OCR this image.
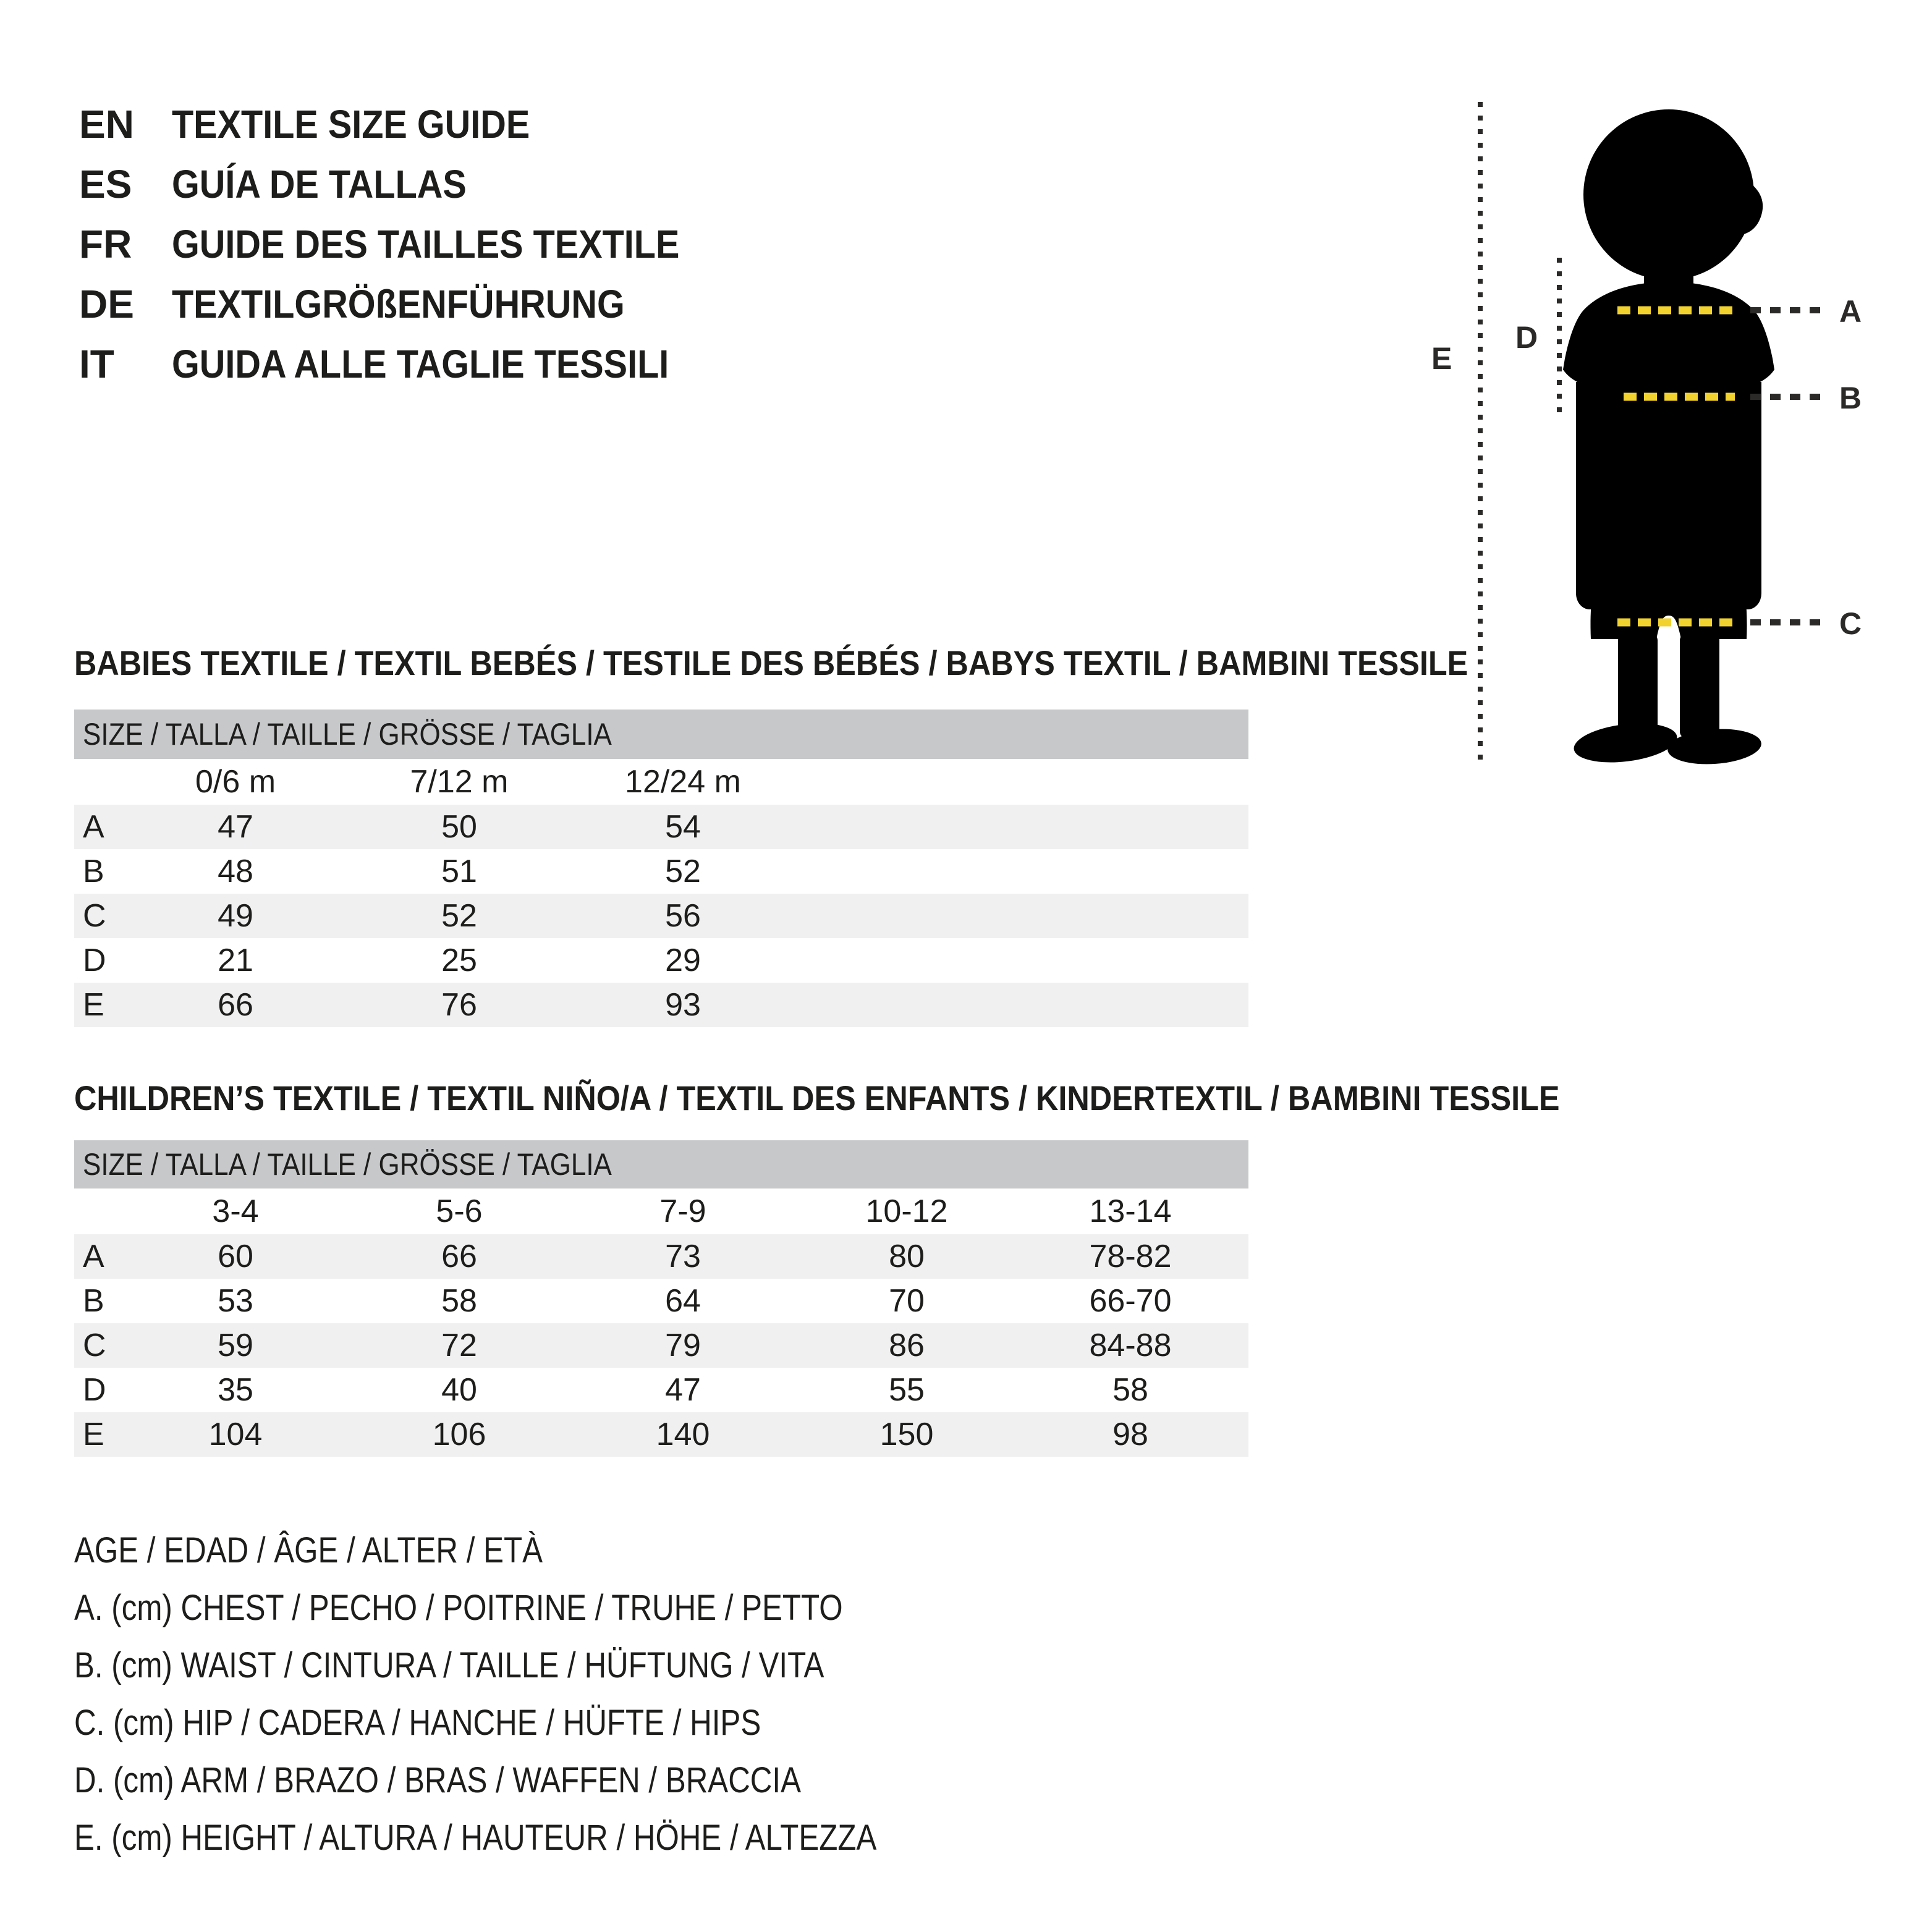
EN TEXTILE SIZE GUIDE
ES	GUÍA DE TALLAS
FR	GUIDE DES TAILLES TEXTILE
DE TEXTILGRÖßENFÜHRUNG
IT	GUIDA ALLE TAGLIE TESSILI	E
D
A
B
C
BABIES TEXTILE / TEXTIL BEBÉS / TESTILE DES BÉBÉS / BABYS TEXTIL / BAMBINI TESSILE
SIZE / TALLA / TAILLE / GRÖSSE / TAGLIA
0/6 m	7/12 m	12/24 m
A	47	50	54
B	48	51	52
C	49	52	56
D	21	25	29
E	66	76	93
CHILDREN’S TEXTILE / TEXTIL NIÑO/A / TEXTIL DES ENFANTS / KINDERTEXTIL / BAMBINI TESSILE
SIZE / TALLA / TAILLE / GRÖSSE / TAGLIA
3-4	5-6	7-9	10-12	13-14
A	60	66	73	80	78-82
B	53	58	64	70	66-70
C	59	72	79	86	84-88
D	35	40	47	55	58
E	104	106	140	150	98
AGE / EDAD / ÂGE / ALTER / ETÀ
A. (cm) CHEST / PECHO / POITRINE / TRUHE / PETTO
B. (cm) WAIST / CINTURA / TAILLE / HÜFTUNG / VITA
C. (cm) HIP / CADERA / HANCHE / HÜFTE / HIPS
D. (cm) ARM / BRAZO / BRAS / WAFFEN / BRACCIA
E. (cm) HEIGHT / ALTURA / HAUTEUR / HÖHE / ALTEZZA
